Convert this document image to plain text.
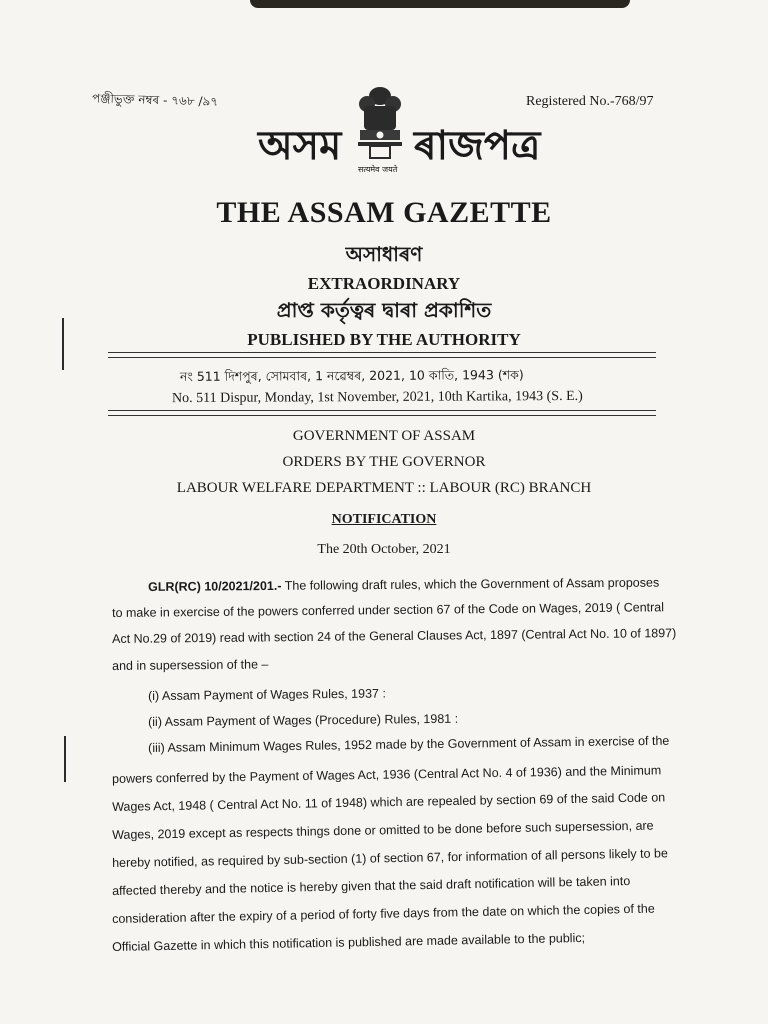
পঞ্জীভুক্ত নম্বৰ - ৭৬৮ /৯৭	Registered No.-768/97
অসম ৰাজপত্ৰ
सत्यमेव जयते
THE ASSAM GAZETTE
অসাধাৰণ
EXTRAORDINARY
প্ৰাপ্ত কৰ্তৃত্বৰ দ্বাৰা প্ৰকাশিত
PUBLISHED BY THE AUTHORITY
নং 511 দিশপুৰ, সোমবাৰ, 1 নৱেম্বৰ, 2021, 10 কাতি, 1943 (শক)
No. 511 Dispur, Monday, 1st November, 2021, 10th Kartika, 1943 (S. E.)
GOVERNMENT OF ASSAM
ORDERS BY THE GOVERNOR
LABOUR WELFARE DEPARTMENT :: LABOUR (RC) BRANCH
NOTIFICATION
The 20th October, 2021
GLR(RC) 10/2021/201.- The following draft rules, which the Government of Assam proposes
to make in exercise of the powers conferred under section 67 of the Code on Wages, 2019 ( Central
Act No.29 of 2019) read with section 24 of the General Clauses Act, 1897 (Central Act No. 10 of 1897)
and in supersession of the –
(i) Assam Payment of Wages Rules, 1937 :
(ii) Assam Payment of Wages (Procedure) Rules, 1981 :
(iii) Assam Minimum Wages Rules, 1952 made by the Government of Assam in exercise of the
powers conferred by the Payment of Wages Act, 1936 (Central Act No. 4 of 1936) and the Minimum
Wages Act, 1948 ( Central Act No. 11 of 1948) which are repealed by section 69 of the said Code on
Wages, 2019 except as respects things done or omitted to be done before such supersession, are
hereby notified, as required by sub-section (1) of section 67, for information of all persons likely to be
affected thereby and the notice is hereby given that the said draft notification will be taken into
consideration after the expiry of a period of forty five days from the date on which the copies of the
Official Gazette in which this notification is published are made available to the public;
